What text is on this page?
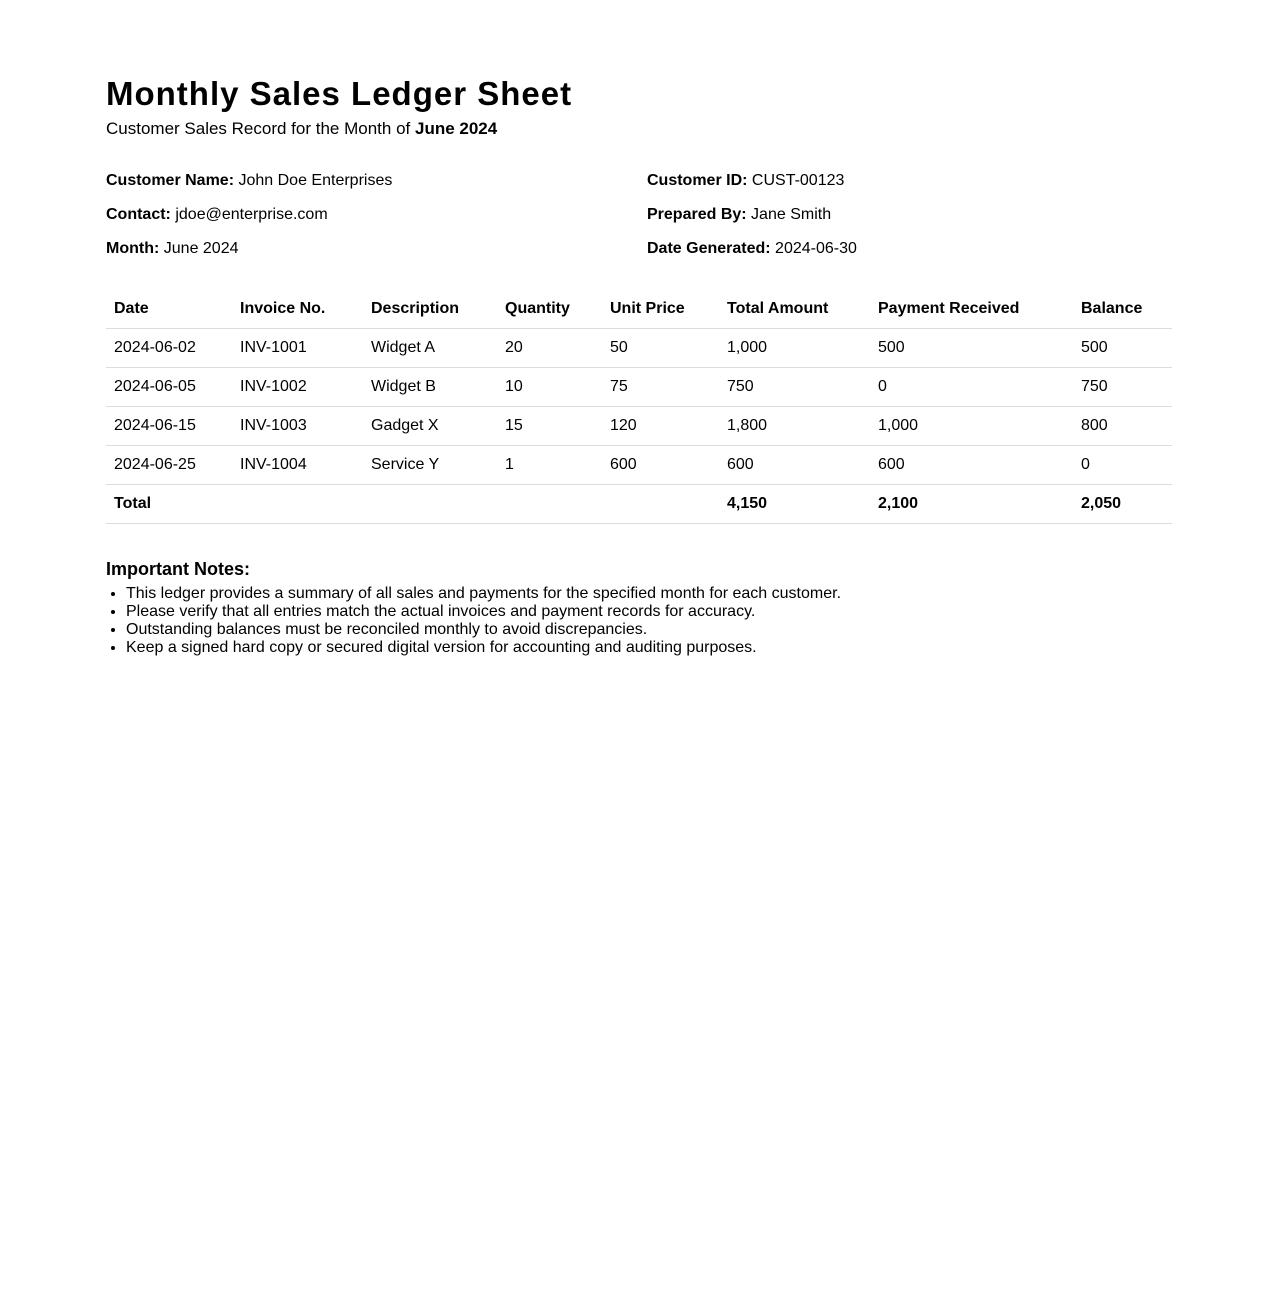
Monthly Sales Ledger Sheet
Customer Sales Record for the Month of June 2024
Customer Name: John Doe Enterprises	Customer ID: CUST-00123
Contact: jdoe@enterprise.com	Prepared By: Jane Smith
Month: June 2024	Date Generated: 2024-06-30
Date	Invoice No.	Description	Quantity	Unit Price	Total Amount	Payment Received	Balance
2024-06-02	INV-1001	Widget A	20	50	1,000	500	500
2024-06-05	INV-1002	Widget B	10	75	750	0	750
2024-06-15	INV-1003	Gadget X	15	120	1,800	1,000	800
2024-06-25	INV-1004	Service Y	1	600	600	600	0
Total					4,150	2,100	2,050
Important Notes:
• This ledger provides a summary of all sales and payments for the specified month for each customer.
• Please verify that all entries match the actual invoices and payment records for accuracy.
• Outstanding balances must be reconciled monthly to avoid discrepancies.
• Keep a signed hard copy or secured digital version for accounting and auditing purposes.
